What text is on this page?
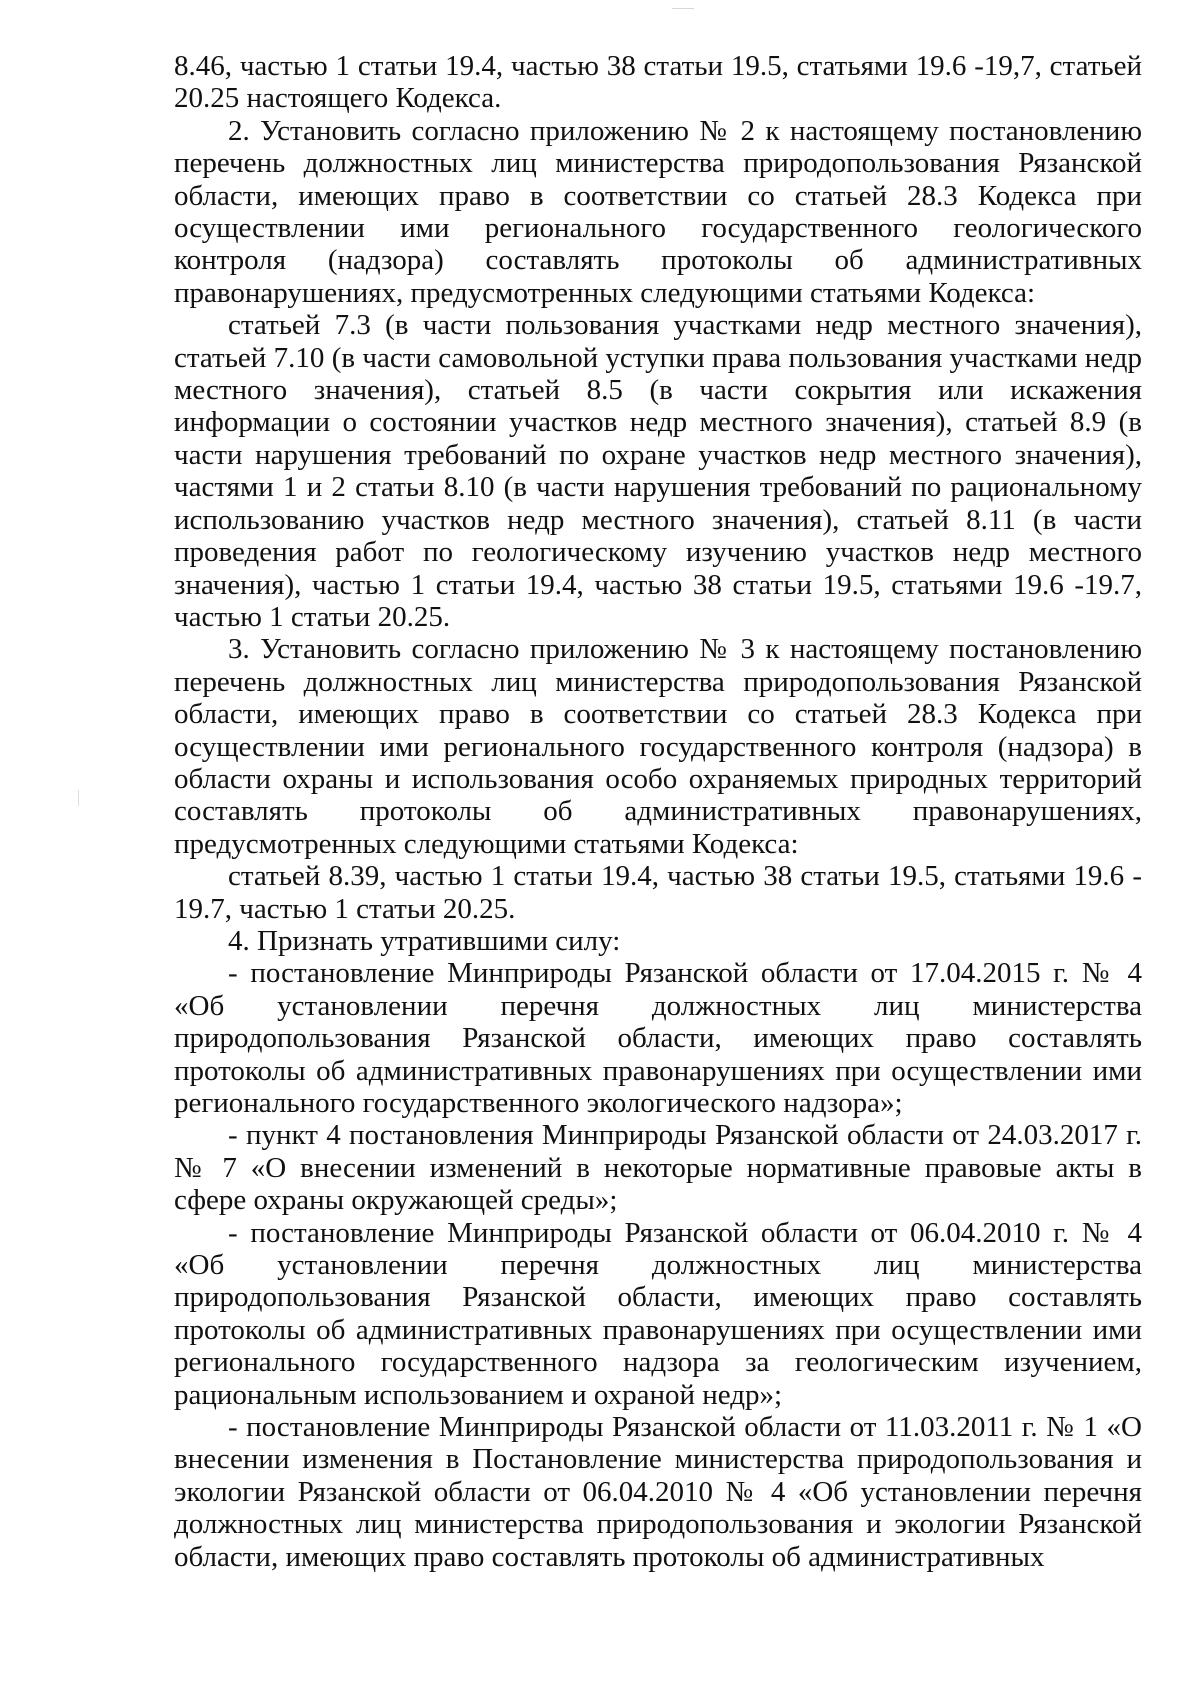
8.46, частью 1 статьи 19.4, частью 38 статьи 19.5, статьями 19.6 -19,7, статьей 20.25 настоящего Кодекса.

2. Установить согласно приложению № 2 к настоящему постановлению перечень должностных лиц министерства природопользования Рязанской области, имеющих право в соответствии со статьей 28.3 Кодекса при осуществлении ими регионального государственного геологического контроля (надзора) составлять протоколы об административных правонарушениях, предусмотренных следующими статьями Кодекса:

статьей 7.3 (в части пользования участками недр местного значения), статьей 7.10 (в части самовольной уступки права пользования участками недр местного значения), статьей 8.5 (в части сокрытия или искажения информации о состоянии участков недр местного значения), статьей 8.9 (в части нарушения требований по охране участков недр местного значения), частями 1 и 2 статьи 8.10 (в части нарушения требований по рациональному использованию участков недр местного значения), статьей 8.11 (в части проведения работ по геологическому изучению участков недр местного значения), частью 1 статьи 19.4, частью 38 статьи 19.5, статьями 19.6 -19.7, частью 1 статьи 20.25.

3. Установить согласно приложению № 3 к настоящему постановлению перечень должностных лиц министерства природопользования Рязанской области, имеющих право в соответствии со статьей 28.3 Кодекса при осуществлении ими регионального государственного контроля (надзора) в области охраны и использования особо охраняемых природных территорий составлять протоколы об административных правонарушениях, предусмотренных следующими статьями Кодекса:

статьей 8.39, частью 1 статьи 19.4, частью 38 статьи 19.5, статьями 19.6 - 19.7, частью 1 статьи 20.25.

4. Признать утратившими силу:

- постановление Минприроды Рязанской области от 17.04.2015 г. № 4 «Об установлении перечня должностных лиц министерства природопользования Рязанской области, имеющих право составлять протоколы об административных правонарушениях при осуществлении ими регионального государственного экологического надзора»;

- пункт 4 постановления Минприроды Рязанской области от 24.03.2017 г. № 7 «О внесении изменений в некоторые нормативные правовые акты в сфере охраны окружающей среды»;

- постановление Минприроды Рязанской области от 06.04.2010 г. № 4 «Об установлении перечня должностных лиц министерства природопользования Рязанской области, имеющих право составлять протоколы об административных правонарушениях при осуществлении ими регионального государственного надзора за геологическим изучением, рациональным использованием и охраной недр»;

- постановление Минприроды Рязанской области от 11.03.2011 г. № 1 «О внесении изменения в Постановление министерства природопользования и экологии Рязанской области от 06.04.2010 № 4 «Об установлении перечня должностных лиц министерства природопользования и экологии Рязанской области, имеющих право составлять протоколы об административных
